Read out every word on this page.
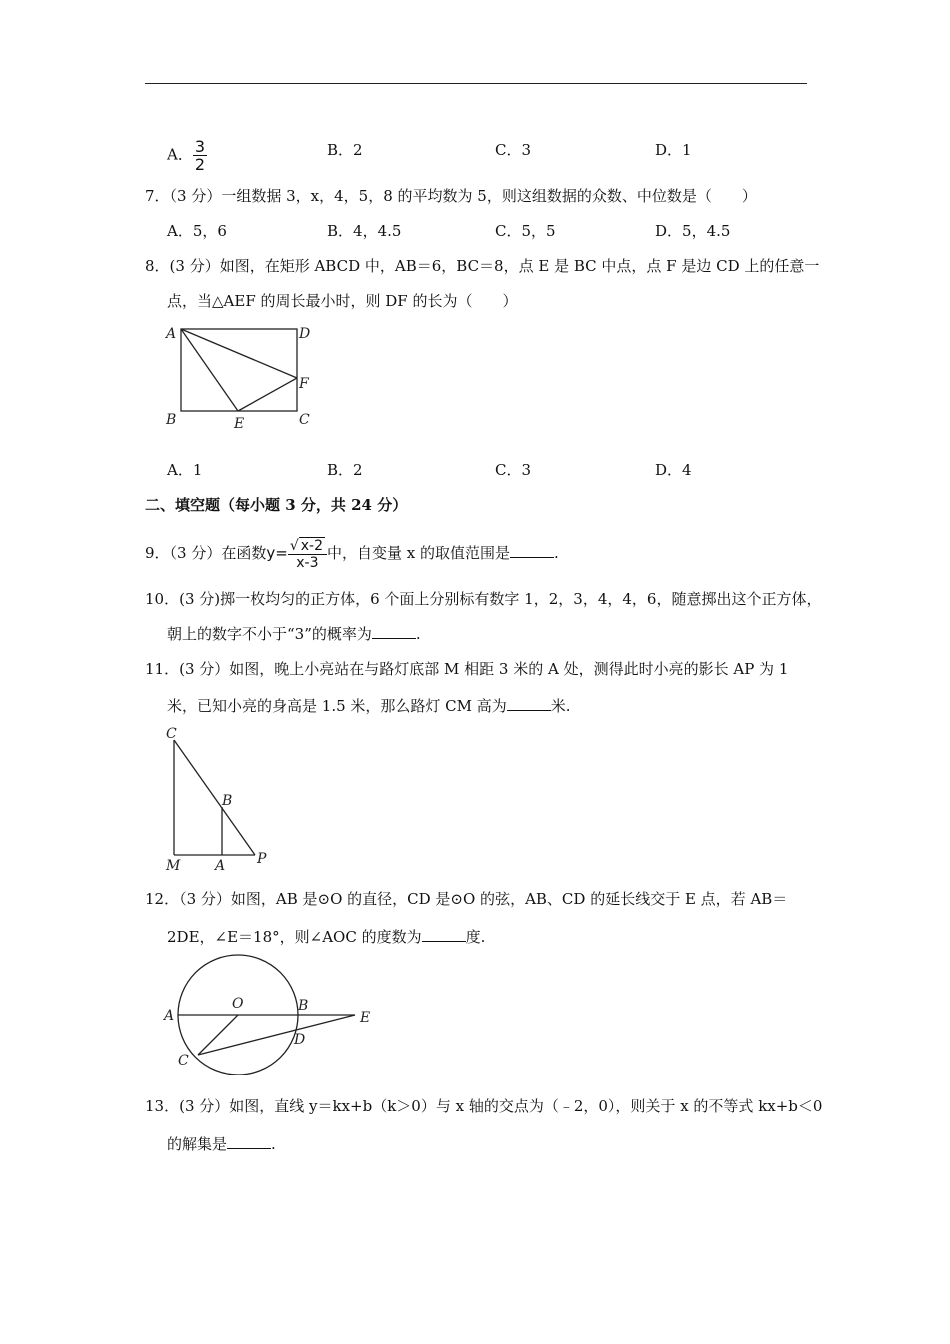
A． $\frac{3}{2}$	B．2	C．3	D．1
7．（3 分）一组数据 3，x，4，5，8 的平均数为 5，则这组数据的众数、中位数是（　　）
A．5，6	B．4，4.5	C．5，5	D．5，4.5
8．(3 分）如图，在矩形 ABCD 中，AB＝6，BC＝8，点 E 是 BC 中点，点 F 是边 CD 上的任意一
点，当△AEF 的周长最小时，则 DF 的长为（　　）
A	D
F
B	E	C
A．1	B．2	C．3	D．4
二、填空题（每小题 3 分，共 24 分）
9．（3 分）在函数$y= \frac{√ x-2}{x-3}$ 中，自变量 x 的取值范围是	.
10．(3 分)掷一枚均匀的正方体，6 个面上分别标有数字 1，2，3，4，4，6，随意掷出这个正方体，
朝上的数字不小于“3”的概率为	.
11．(3 分）如图，晚上小亮站在与路灯底部 M 相距 3 米的 A 处，测得此时小亮的影长 AP 为 1
米，已知小亮的身高是 1.5 米，那么路灯 CM 高为	米.
C
B
M A P
12．（3 分）如图，AB 是⊙O 的直径，CD 是⊙O 的弦，AB、CD 的延长线交于 E 点，若 AB＝
2DE，∠E＝18°，则∠AOC 的度数为	度.
A
O	B
E
D
C
13．(3 分）如图，直线 y＝kx+b（k＞0）与 x 轴的交点为（﹣2，0），则关于 x 的不等式 kx+b＜0
的解集是	.
